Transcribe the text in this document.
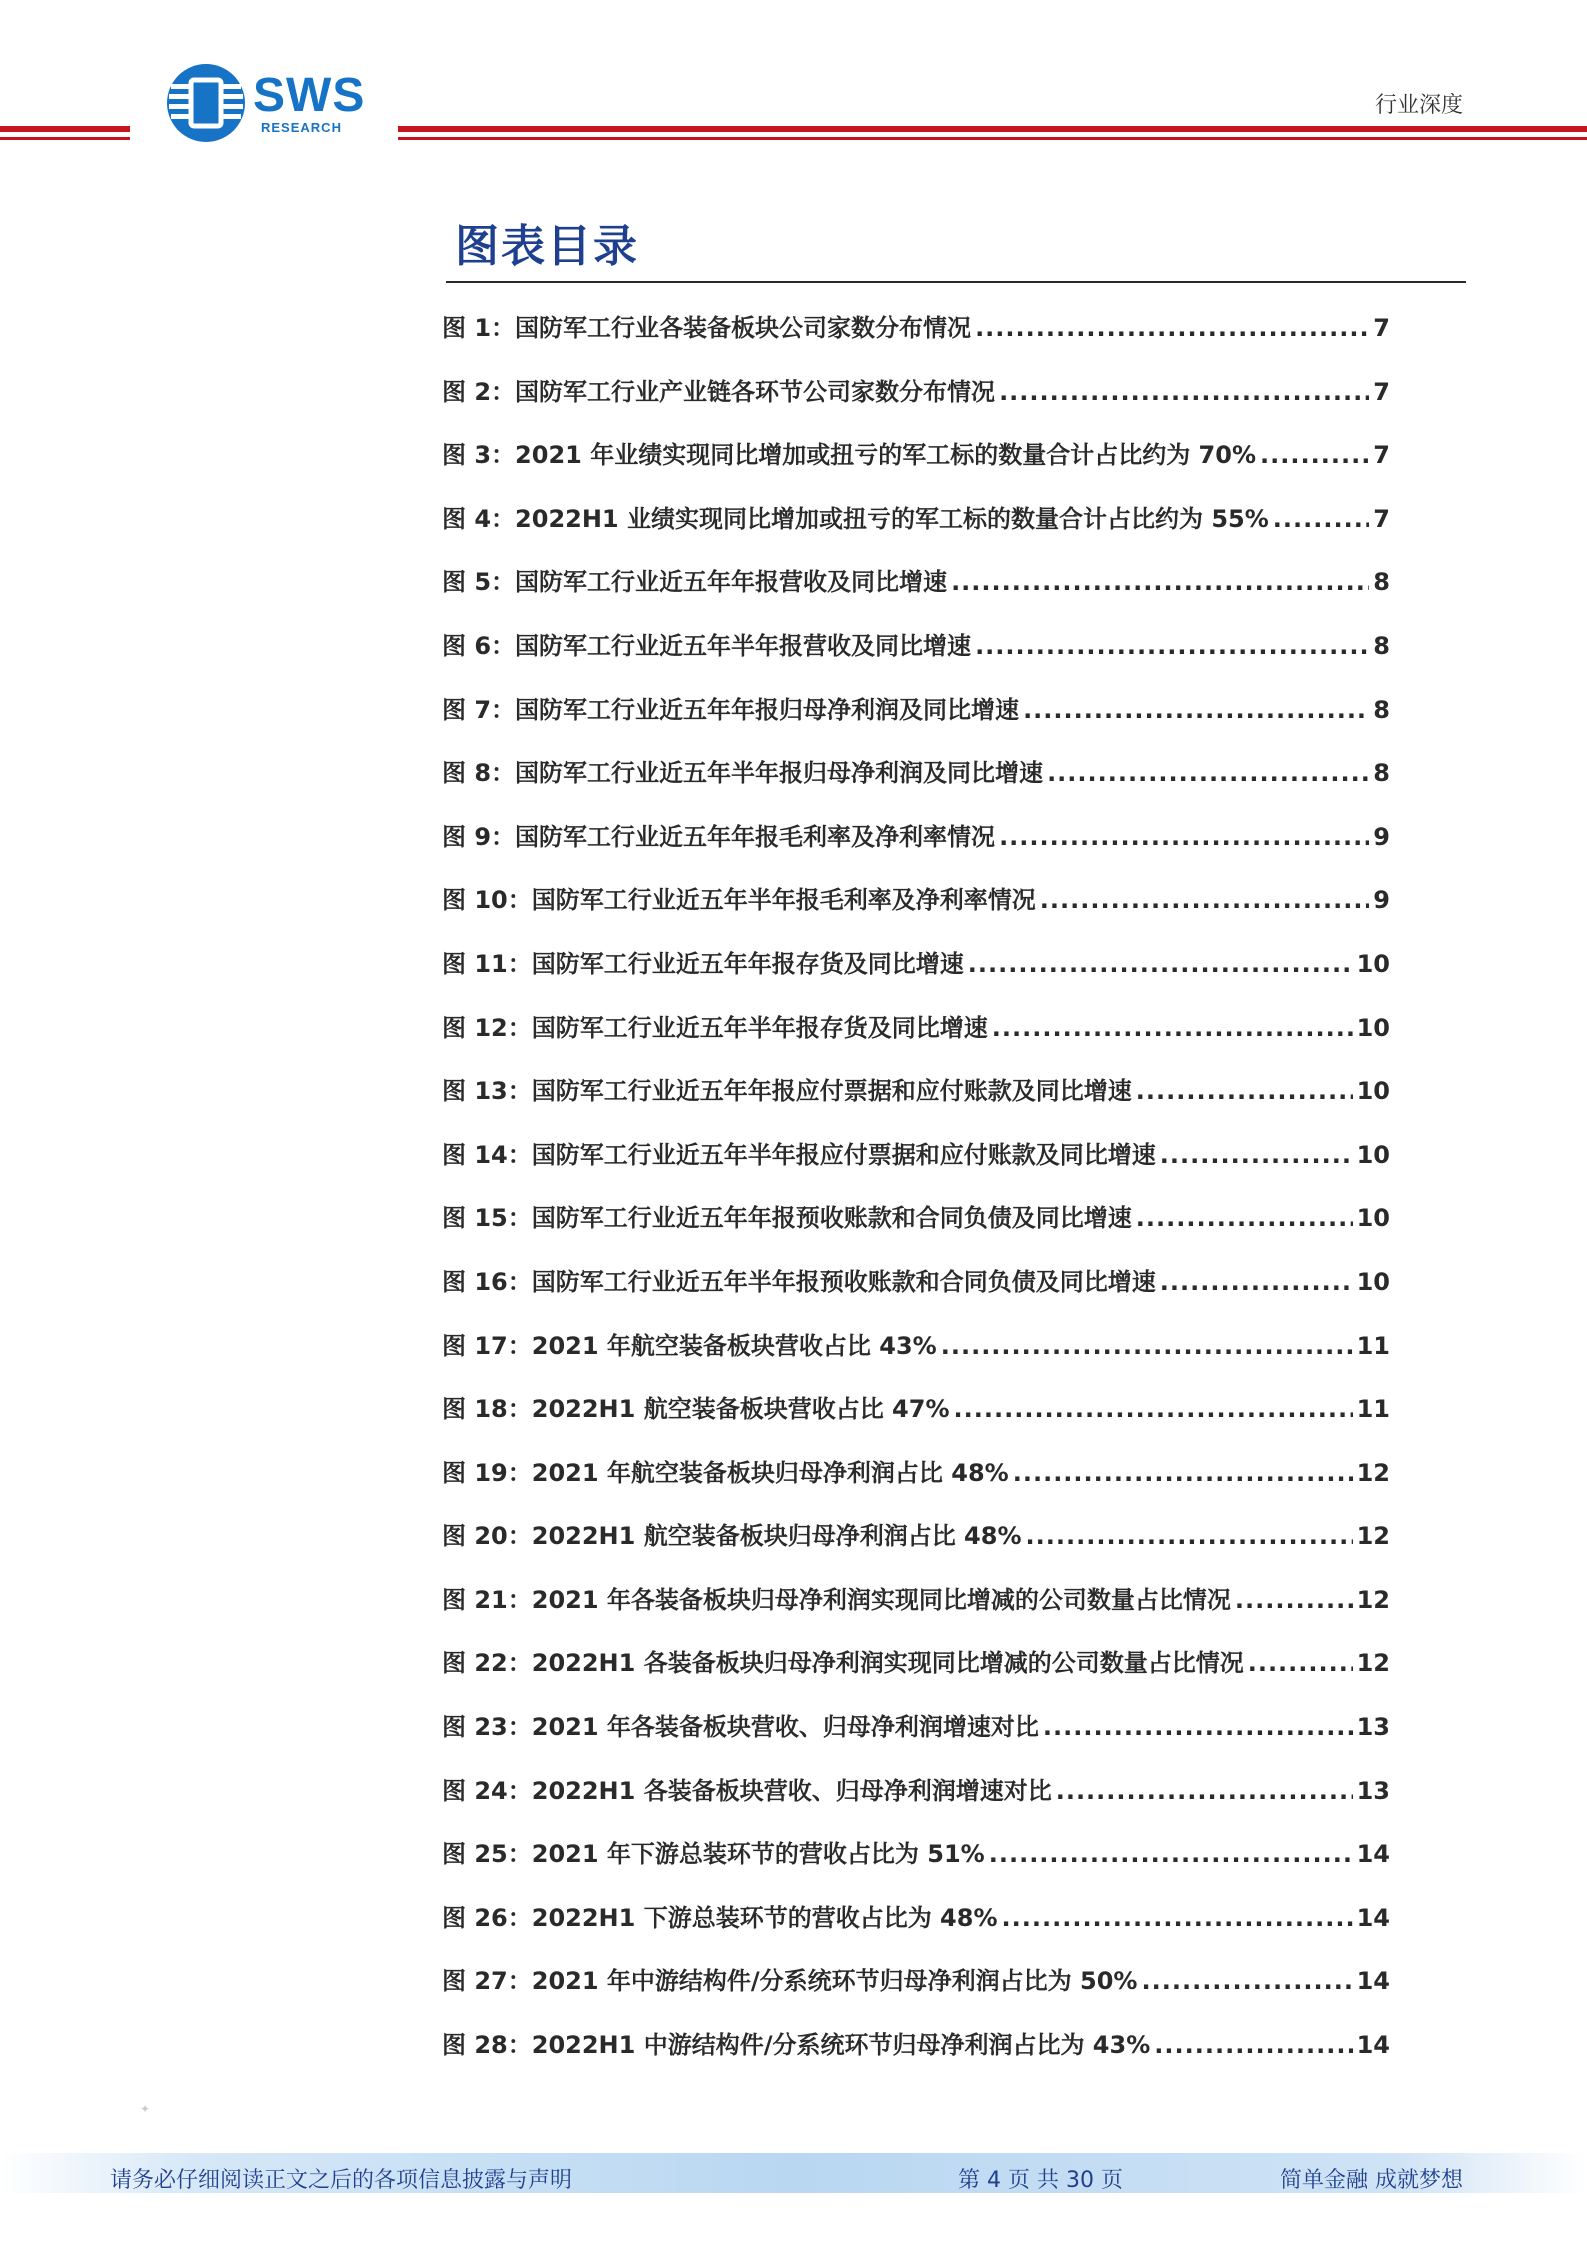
SWS
RESEARCH
行业深度
图表目录
图 1：国防军工行业各装备板块公司家数分布情况 .....	7
图 2：国防军工行业产业链各环节公司家数分布情况 .....	7
图 3：2021 年业绩实现同比增加或扭亏的军工标的数量合计占比约为 70% .....	7
图 4：2022H1 业绩实现同比增加或扭亏的军工标的数量合计占比约为 55% .....	7
图 5：国防军工行业近五年年报营收及同比增速 .....	8
图 6：国防军工行业近五年半年报营收及同比增速 .....	8
图 7：国防军工行业近五年年报归母净利润及同比增速 .....	8
图 8：国防军工行业近五年半年报归母净利润及同比增速 .....	8
图 9：国防军工行业近五年年报毛利率及净利率情况 .....	9
图 10：国防军工行业近五年半年报毛利率及净利率情况 .....	9
图 11：国防军工行业近五年年报存货及同比增速 .....	10
图 12：国防军工行业近五年半年报存货及同比增速 .....	10
图 13：国防军工行业近五年年报应付票据和应付账款及同比增速 .....	10
图 14：国防军工行业近五年半年报应付票据和应付账款及同比增速 .....	10
图 15：国防军工行业近五年年报预收账款和合同负债及同比增速 .....	10
图 16：国防军工行业近五年半年报预收账款和合同负债及同比增速 .....	10
图 17：2021 年航空装备板块营收占比 43% .....	11
图 18：2022H1 航空装备板块营收占比 47% .....	11
图 19：2021 年航空装备板块归母净利润占比 48% .....	12
图 20：2022H1 航空装备板块归母净利润占比 48% .....	12
图 21：2021 年各装备板块归母净利润实现同比增减的公司数量占比情况 .....	12
图 22：2022H1 各装备板块归母净利润实现同比增减的公司数量占比情况 .....	12
图 23：2021 年各装备板块营收、归母净利润增速对比 .....	13
图 24：2022H1 各装备板块营收、归母净利润增速对比 .....	13
图 25：2021 年下游总装环节的营收占比为 51% .....	14
图 26：2022H1 下游总装环节的营收占比为 48% .....	14
图 27：2021 年中游结构件/分系统环节归母净利润占比为 50% .....	14
图 28：2022H1 中游结构件/分系统环节归母净利润占比为 43% .....	14
✦
请务必仔细阅读正文之后的各项信息披露与声明	第 4 页 共 30 页	简单金融 成就梦想
